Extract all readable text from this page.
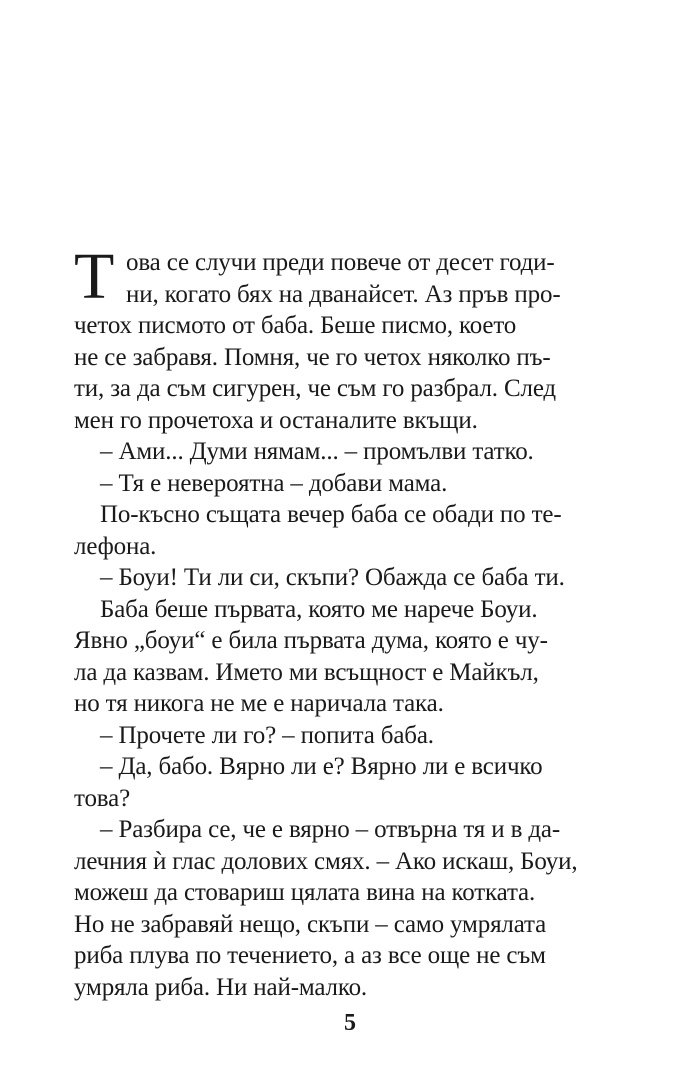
Т ова се случи преди повече от десет годи-
ни, когато бях на дванайсет. Аз пръв про-
четох писмото от баба. Беше писмо, което
не се забравя. Помня, че го четох няколко пъ-
ти, за да съм сигурен, че съм го разбрал. След
мен го прочетоха и останалите вкъщи.
– Ами... Думи нямам... – промълви татко.
– Тя е невероятна – добави мама.
По-късно същата вечер баба се обади по те-
лефона.
– Боуи! Ти ли си, скъпи? Обажда се баба ти.
Баба беше първата, която ме нарече Боуи.
Явно „боуи“ е била първата дума, която е чу-
ла да казвам. Името ми всъщност е Майкъл,
но тя никога не ме е наричала така.
– Прочете ли го? – попита баба.
– Да, бабо. Вярно ли е? Вярно ли е всичко
това?
– Разбира се, че е вярно – отвърна тя и в да-
лечния ѝ глас долових смях. – Ако искаш, Боуи,
можеш да стовариш цялата вина на котката.
Но не забравяй нещо, скъпи – само умрялата
риба плува по течението, а аз все още не съм
умряла риба. Ни най-малко.
5
